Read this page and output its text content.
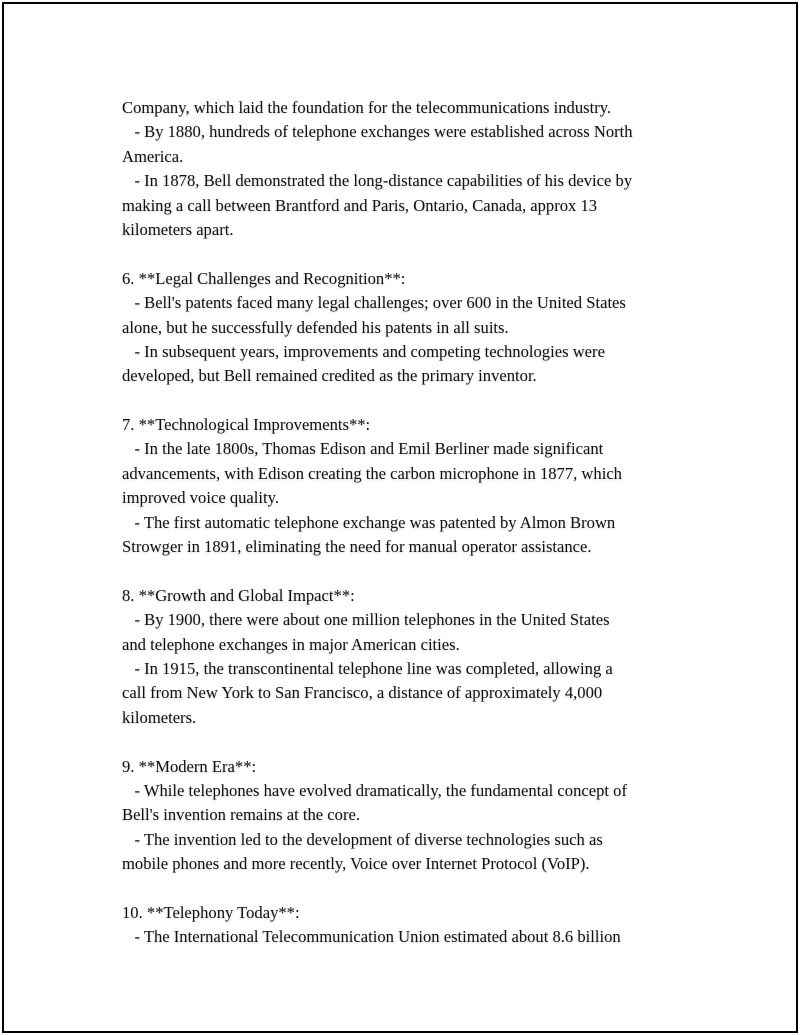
Company, which laid the foundation for the telecommunications industry.
- By 1880, hundreds of telephone exchanges were established across North
America.
- In 1878, Bell demonstrated the long-distance capabilities of his device by
making a call between Brantford and Paris, Ontario, Canada, approx 13
kilometers apart.
6. **Legal Challenges and Recognition**:
- Bell's patents faced many legal challenges; over 600 in the United States
alone, but he successfully defended his patents in all suits.
- In subsequent years, improvements and competing technologies were
developed, but Bell remained credited as the primary inventor.
7. **Technological Improvements**:
- In the late 1800s, Thomas Edison and Emil Berliner made significant
advancements, with Edison creating the carbon microphone in 1877, which
improved voice quality.
- The first automatic telephone exchange was patented by Almon Brown
Strowger in 1891, eliminating the need for manual operator assistance.
8. **Growth and Global Impact**:
- By 1900, there were about one million telephones in the United States
and telephone exchanges in major American cities.
- In 1915, the transcontinental telephone line was completed, allowing a
call from New York to San Francisco, a distance of approximately 4,000
kilometers.
9. **Modern Era**:
- While telephones have evolved dramatically, the fundamental concept of
Bell's invention remains at the core.
- The invention led to the development of diverse technologies such as
mobile phones and more recently, Voice over Internet Protocol (VoIP).
10. **Telephony Today**:
- The International Telecommunication Union estimated about 8.6 billion
